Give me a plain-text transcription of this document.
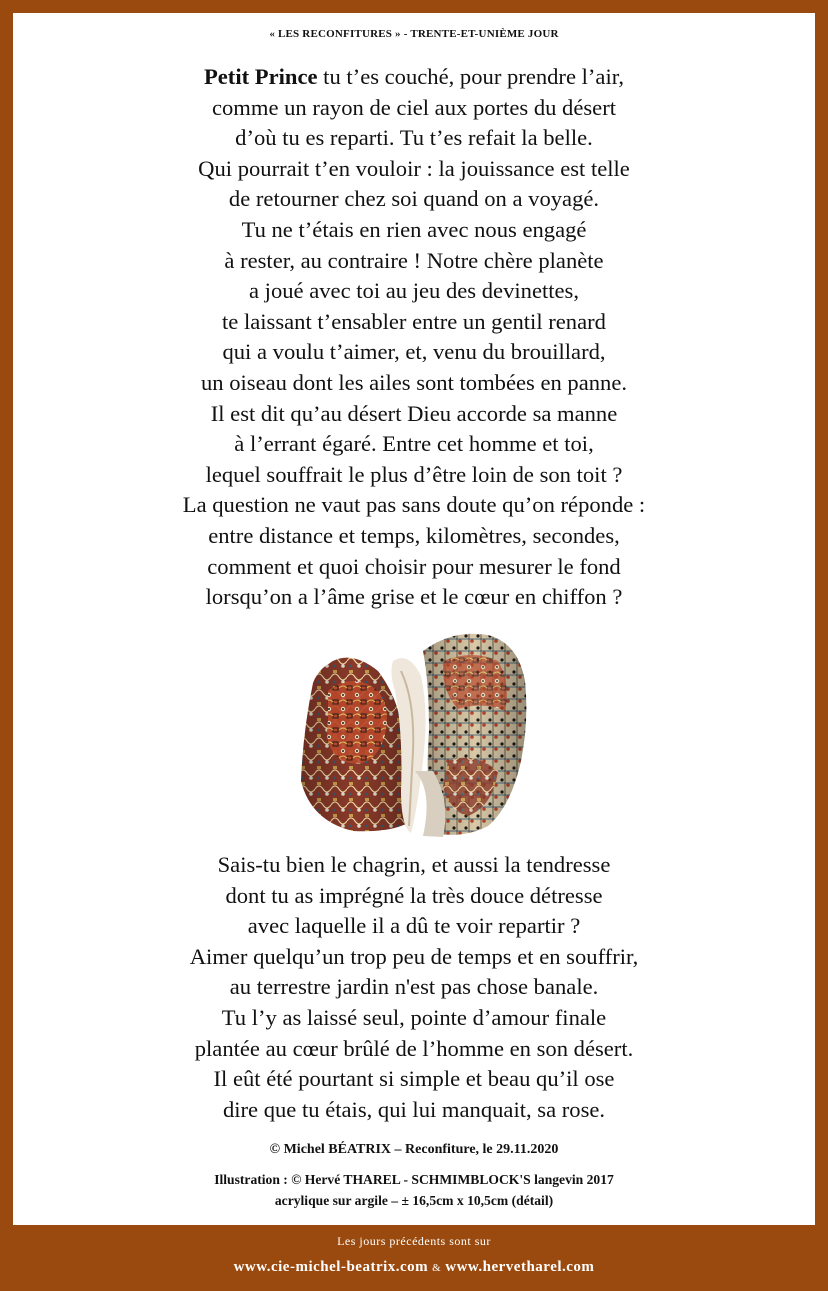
« LES RECONFITURES » - TRENTE-ET-UNIÈME JOUR
Petit Prince tu t’es couché, pour prendre l’air,
comme un rayon de ciel aux portes du désert
d’où tu es reparti. Tu t’es refait la belle.
Qui pourrait t’en vouloir : la jouissance est telle
de retourner chez soi quand on a voyagé.
Tu ne t’étais en rien avec nous engagé
à rester, au contraire ! Notre chère planète
a joué avec toi au jeu des devinettes,
te laissant t’ensabler entre un gentil renard
qui a voulu t’aimer, et, venu du brouillard,
un oiseau dont les ailes sont tombées en panne.
Il est dit qu’au désert Dieu accorde sa manne
à l’errant égaré. Entre cet homme et toi,
lequel souffrait le plus d’être loin de son toit ?
La question ne vaut pas sans doute qu’on réponde :
entre distance et temps, kilomètres, secondes,
comment et quoi choisir pour mesurer le fond
lorsqu’on a l’âme grise et le cœur en chiffon ?
Sais-tu bien le chagrin, et aussi la tendresse
dont tu as imprégné la très douce détresse
avec laquelle il a dû te voir repartir ?
Aimer quelqu’un trop peu de temps et en souffrir,
au terrestre jardin n'est pas chose banale.
Tu l’y as laissé seul, pointe d’amour finale
plantée au cœur brûlé de l’homme en son désert.
Il eût été pourtant si simple et beau qu’il ose
dire que tu étais, qui lui manquait, sa rose.
© Michel BÉATRIX – Reconfiture, le 29.11.2020
Illustration : © Hervé THAREL - SCHMIMBLOCK'S langevin 2017
acrylique sur argile – ± 16,5cm x 10,5cm (détail)
Les jours précédents sont sur
www.cie-michel-beatrix.com & www.hervetharel.com
